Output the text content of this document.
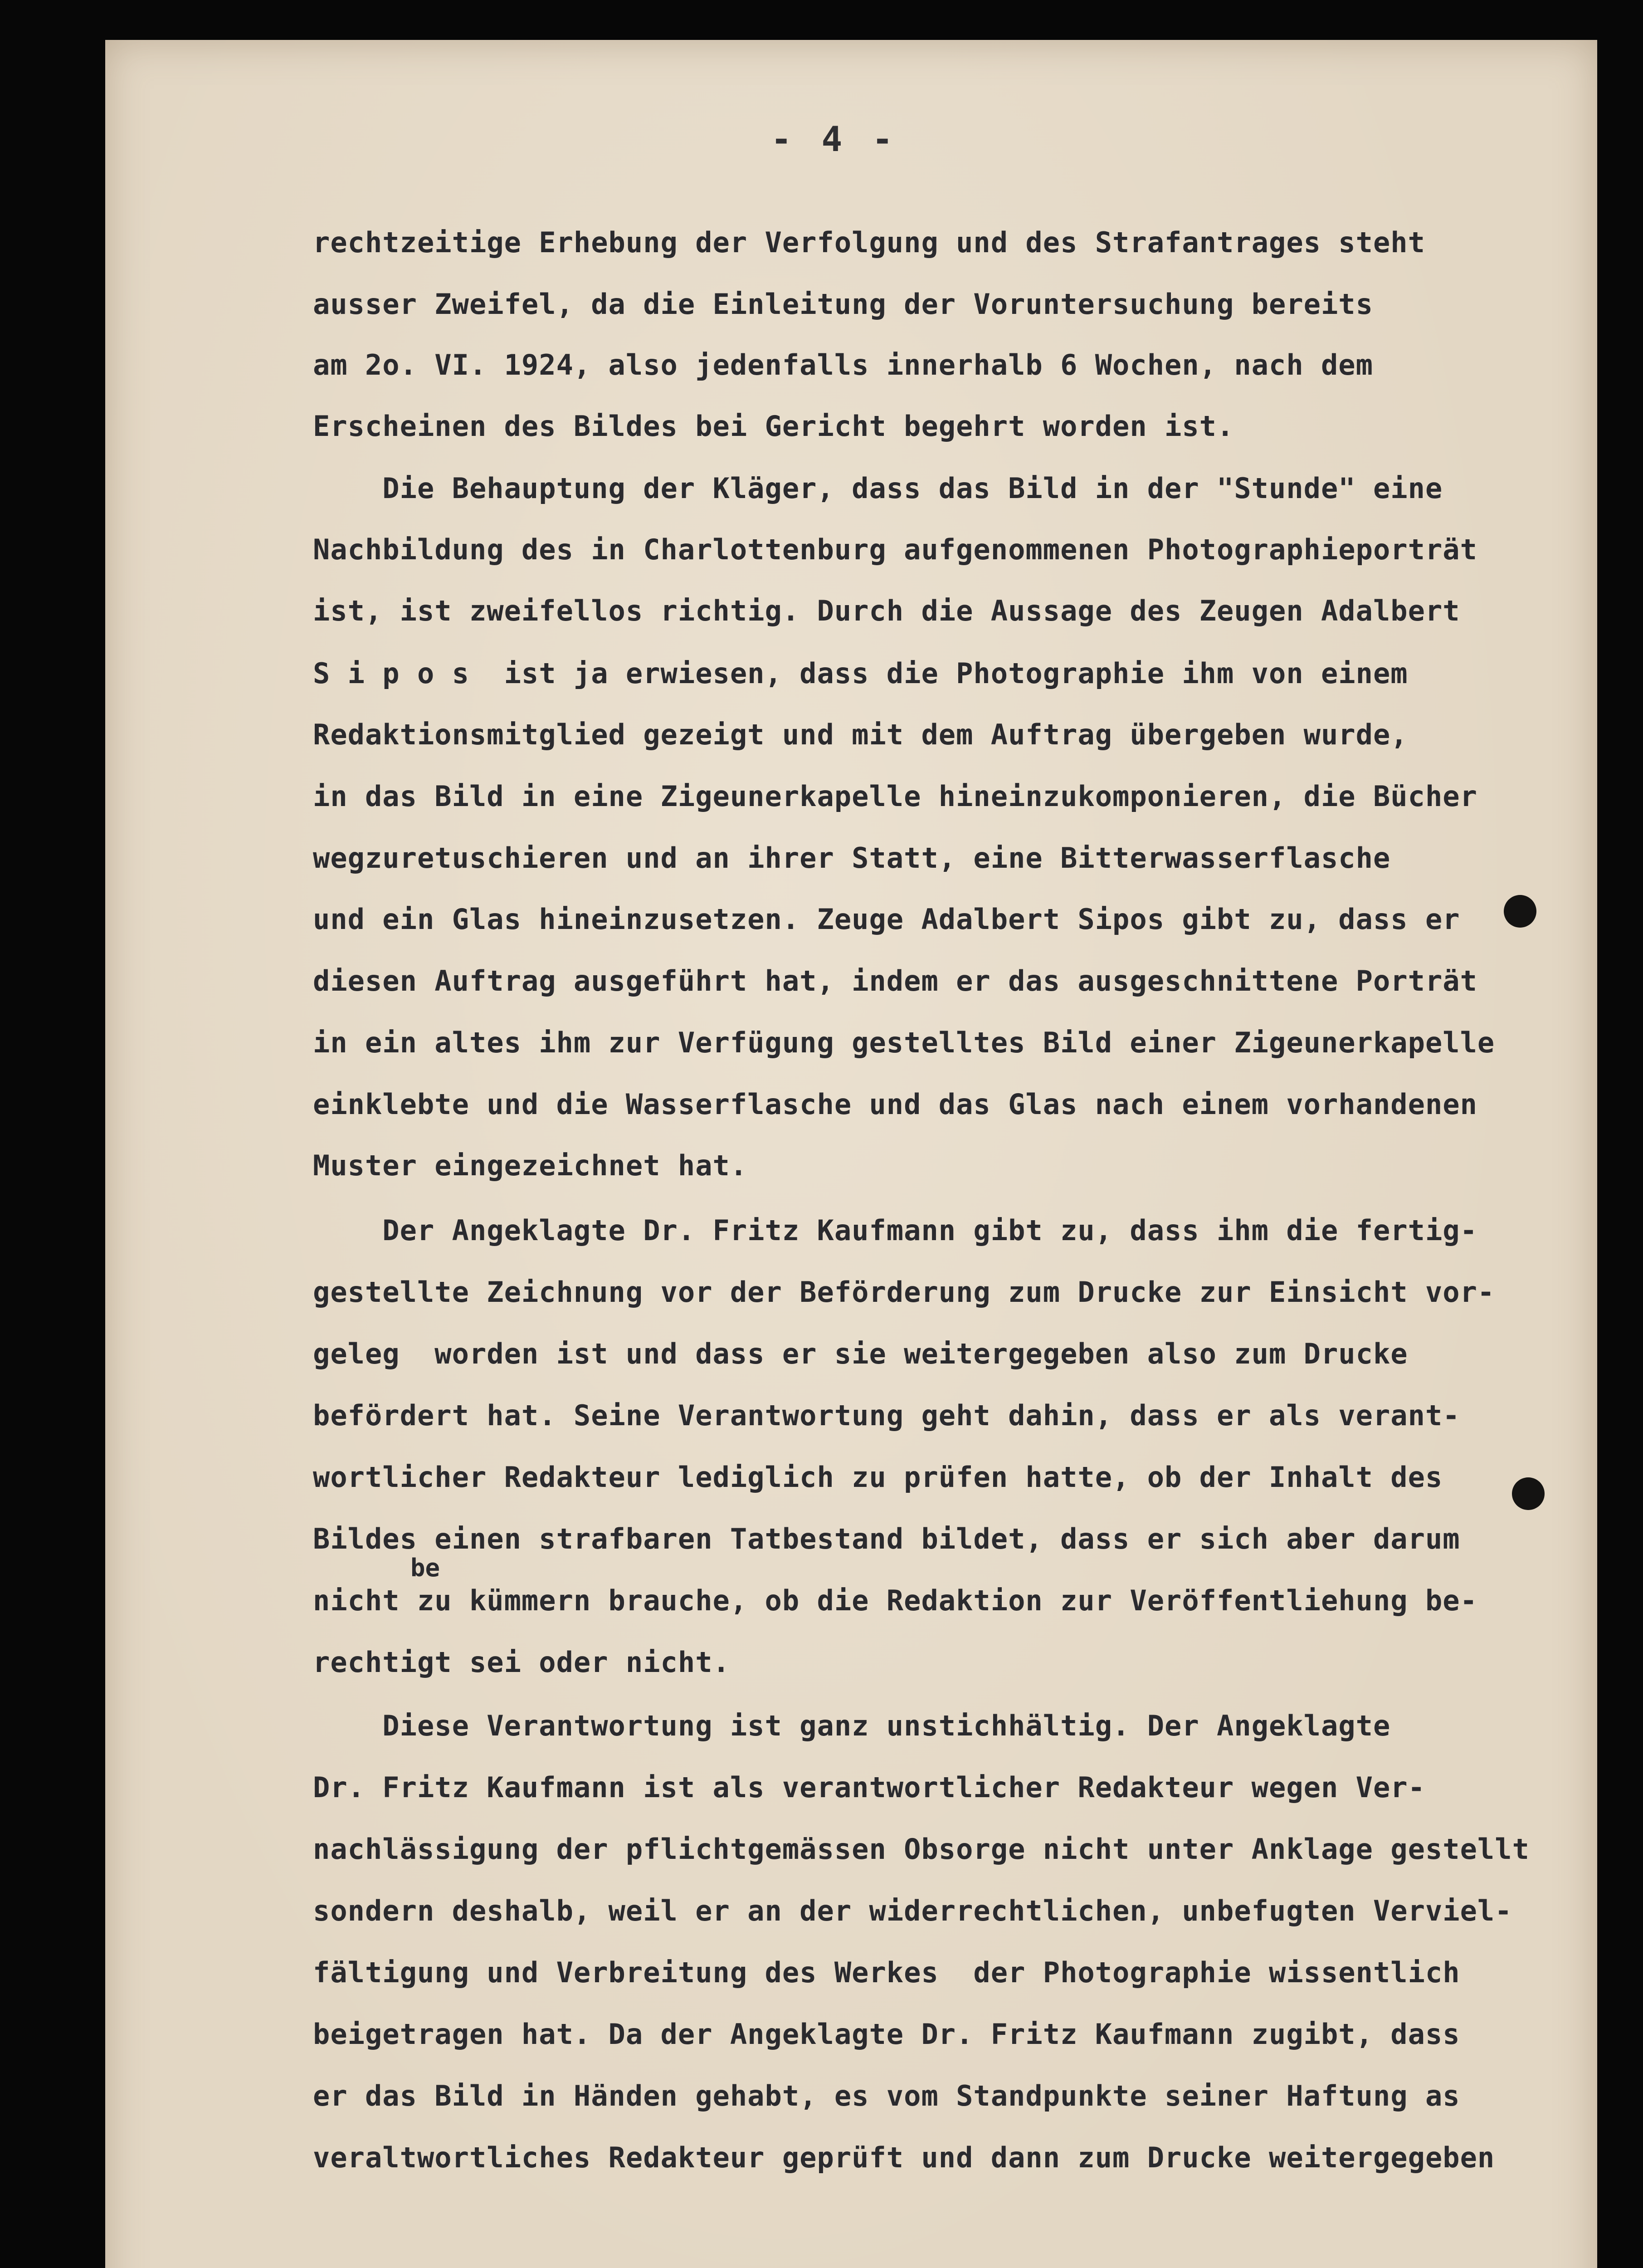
- 4 -
rechtzeitige Erhebung der Verfolgung und des Strafantrages steht
ausser Zweifel, da die Einleitung der Voruntersuchung bereits
am 2o. VI. 1924, also jedenfalls innerhalb 6 Wochen, nach dem
Erscheinen des Bildes bei Gericht begehrt worden ist.
Die Behauptung der Kläger, dass das Bild in der "Stunde" eine
Nachbildung des in Charlottenburg aufgenommenen Photographieporträt
ist, ist zweifellos richtig. Durch die Aussage des Zeugen Adalbert
S i p o s  ist ja erwiesen, dass die Photographie ihm von einem
Redaktionsmitglied gezeigt und mit dem Auftrag übergeben wurde,
in das Bild in eine Zigeunerkapelle hineinzukomponieren, die Bücher
wegzuretuschieren und an ihrer Statt, eine Bitterwasserflasche
und ein Glas hineinzusetzen. Zeuge Adalbert Sipos gibt zu, dass er
diesen Auftrag ausgeführt hat, indem er das ausgeschnittene Porträt
in ein altes ihm zur Verfügung gestelltes Bild einer Zigeunerkapelle
einklebte und die Wasserflasche und das Glas nach einem vorhandenen
Muster eingezeichnet hat.
Der Angeklagte Dr. Fritz Kaufmann gibt zu, dass ihm die fertig-
gestellte Zeichnung vor der Beförderung zum Drucke zur Einsicht vor-
geleg  worden ist und dass er sie weitergegeben also zum Drucke
befördert hat. Seine Verantwortung geht dahin, dass er als verant-
wortlicher Redakteur lediglich zu prüfen hatte, ob der Inhalt des
Bildes einen strafbaren Tatbestand bildet, dass er sich aber darum
be
nicht zu kümmern brauche, ob die Redaktion zur Veröffentliehung be-
rechtigt sei oder nicht.
Diese Verantwortung ist ganz unstichhältig. Der Angeklagte
Dr. Fritz Kaufmann ist als verantwortlicher Redakteur wegen Ver-
nachlässigung der pflichtgemässen Obsorge nicht unter Anklage gestellt
sondern deshalb, weil er an der widerrechtlichen, unbefugten Verviel-
fältigung und Verbreitung des Werkes  der Photographie wissentlich
beigetragen hat. Da der Angeklagte Dr. Fritz Kaufmann zugibt, dass
er das Bild in Händen gehabt, es vom Standpunkte seiner Haftung as
veraltwortliches Redakteur geprüft und dann zum Drucke weitergegeben
